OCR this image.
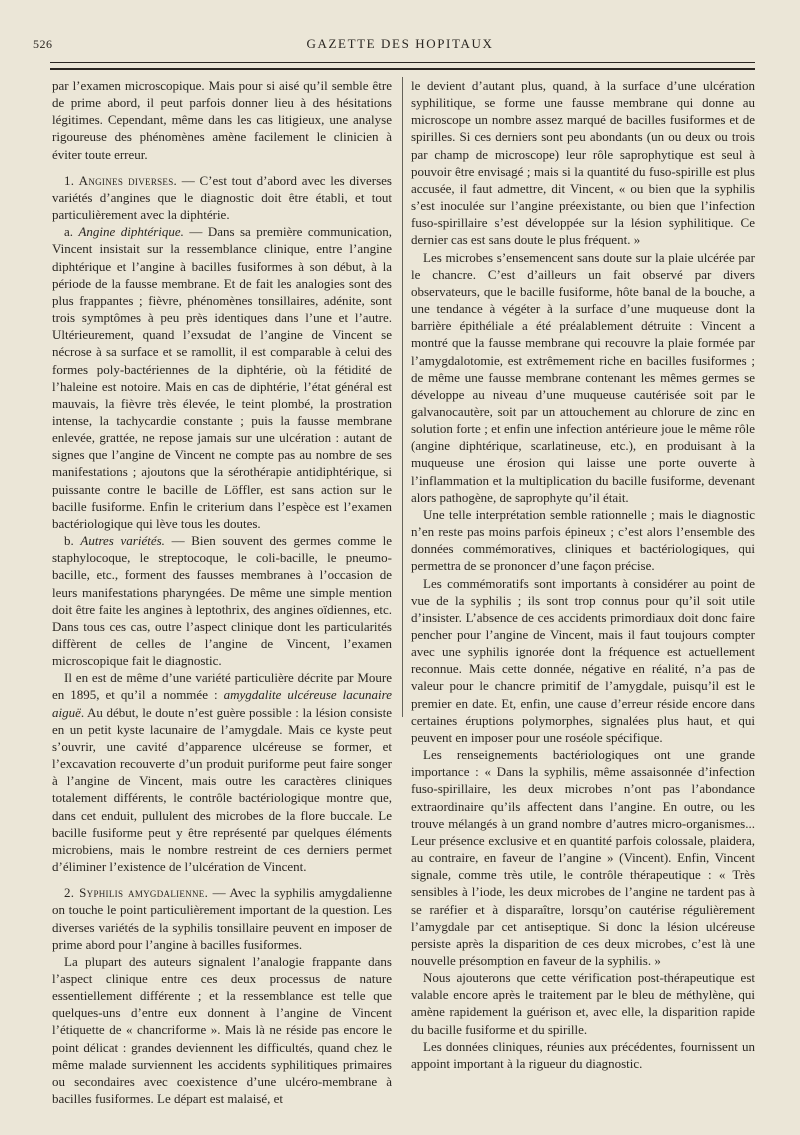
526	GAZETTE DES HOPITAUX

par l’examen microscopique. Mais pour si aisé qu’il semble être de prime abord, il peut parfois donner lieu à des hésitations légitimes. Cependant, même dans les cas litigieux, une analyse rigoureuse des phénomènes amène facilement le clinicien à éviter toute erreur.

1. Angines diverses. — C’est tout d’abord avec les diverses variétés d’angines que le diagnostic doit être établi, et tout particulièrement avec la diphtérie.

a. Angine diphtérique. — Dans sa première communication, Vincent insistait sur la ressemblance clinique, entre l’angine diphtérique et l’angine à bacilles fusiformes à son début, à la période de la fausse membrane. Et de fait les analogies sont des plus frappantes ; fièvre, phénomènes tonsillaires, adénite, sont trois symptômes à peu près identiques dans l’une et l’autre. Ultérieurement, quand l’exsudat de l’angine de Vincent se nécrose à sa surface et se ramollit, il est comparable à celui des formes poly-bactériennes de la diphtérie, où la fétidité de l’haleine est notoire. Mais en cas de diphtérie, l’état général est mauvais, la fièvre très élevée, le teint plombé, la prostration intense, la tachycardie constante ; puis la fausse membrane enlevée, grattée, ne repose jamais sur une ulcération : autant de signes que l’angine de Vincent ne compte pas au nombre de ses manifestations ; ajoutons que la sérothérapie antidiphtérique, si puissante contre le bacille de Löffler, est sans action sur le bacille fusiforme. Enfin le criterium dans l’espèce est l’examen bactériologique qui lève tous les doutes.

b. Autres variétés. — Bien souvent des germes comme le staphylocoque, le streptocoque, le coli-bacille, le pneumo-bacille, etc., forment des fausses membranes à l’occasion de leurs manifestations pharyngées. De même une simple mention doit être faite les angines à leptothrix, des angines oïdiennes, etc. Dans tous ces cas, outre l’aspect clinique dont les particularités diffèrent de celles de l’angine de Vincent, l’examen microscopique fait le diagnostic.

Il en est de même d’une variété particulière décrite par Moure en 1895, et qu’il a nommée : amygdalite ulcéreuse lacunaire aiguë. Au début, le doute n’est guère possible : la lésion consiste en un petit kyste lacunaire de l’amygdale. Mais ce kyste peut s’ouvrir, une cavité d’apparence ulcéreuse se former, et l’excavation recouverte d’un produit puriforme peut faire songer à l’angine de Vincent, mais outre les caractères cliniques totalement différents, le contrôle bactériologique montre que, dans cet enduit, pullulent des microbes de la flore buccale. Le bacille fusiforme peut y être représenté par quelques éléments microbiens, mais le nombre restreint de ces derniers permet d’éliminer l’existence de l’ulcération de Vincent.

2. Syphilis amygdalienne. — Avec la syphilis amygdalienne on touche le point particulièrement important de la question. Les diverses variétés de la syphilis tonsillaire peuvent en imposer de prime abord pour l’angine à bacilles fusiformes.

La plupart des auteurs signalent l’analogie frappante dans l’aspect clinique entre ces deux processus de nature essentiellement différente ; et la ressemblance est telle que quelques-uns d’entre eux donnent à l’angine de Vincent l’étiquette de « chancriforme ». Mais là ne réside pas encore le point délicat : grandes deviennent les difficultés, quand chez le même malade surviennent les accidents syphilitiques primaires ou secondaires avec coexistence d’une ulcéro-membrane à bacilles fusiformes. Le départ est malaisé, et

le devient d’autant plus, quand, à la surface d’une ulcération syphilitique, se forme une fausse membrane qui donne au microscope un nombre assez marqué de bacilles fusiformes et de spirilles. Si ces derniers sont peu abondants (un ou deux ou trois par champ de microscope) leur rôle saprophytique est seul à pouvoir être envisagé ; mais si la quantité du fuso-spirille est plus accusée, il faut admettre, dit Vincent, « ou bien que la syphilis s’est inoculée sur l’angine préexistante, ou bien que l’infection fuso-spirillaire s’est développée sur la lésion syphilitique. Ce dernier cas est sans doute le plus fréquent. »

Les microbes s’ensemencent sans doute sur la plaie ulcérée par le chancre. C’est d’ailleurs un fait observé par divers observateurs, que le bacille fusiforme, hôte banal de la bouche, a une tendance à végéter à la surface d’une muqueuse dont la barrière épithéliale a été préalablement détruite : Vincent a montré que la fausse membrane qui recouvre la plaie formée par l’amygdalotomie, est extrêmement riche en bacilles fusiformes ; de même une fausse membrane contenant les mêmes germes se développe au niveau d’une muqueuse cautérisée soit par le galvanocautère, soit par un attouchement au chlorure de zinc en solution forte ; et enfin une infection antérieure joue le même rôle (angine diphtérique, scarlatineuse, etc.), en produisant à la muqueuse une érosion qui laisse une porte ouverte à l’inflammation et la multiplication du bacille fusiforme, devenant alors pathogène, de saprophyte qu’il était.

Une telle interprétation semble rationnelle ; mais le diagnostic n’en reste pas moins parfois épineux ; c’est alors l’ensemble des données commémoratives, cliniques et bactériologiques, qui permettra de se prononcer d’une façon précise.

Les commémoratifs sont importants à considérer au point de vue de la syphilis ; ils sont trop connus pour qu’il soit utile d’insister. L’absence de ces accidents primordiaux doit donc faire pencher pour l’angine de Vincent, mais il faut toujours compter avec une syphilis ignorée dont la fréquence est actuellement reconnue. Mais cette donnée, négative en réalité, n’a pas de valeur pour le chancre primitif de l’amygdale, puisqu’il est le premier en date. Et, enfin, une cause d’erreur réside encore dans certaines éruptions polymorphes, signalées plus haut, et qui peuvent en imposer pour une roséole spécifique.

Les renseignements bactériologiques ont une grande importance : « Dans la syphilis, même assaisonnée d’infection fuso-spirillaire, les deux microbes n’ont pas l’abondance extraordinaire qu’ils affectent dans l’angine. En outre, ou les trouve mélangés à un grand nombre d’autres micro-organismes... Leur présence exclusive et en quantité parfois colossale, plaidera, au contraire, en faveur de l’angine » (Vincent). Enfin, Vincent signale, comme très utile, le contrôle thérapeutique : « Très sensibles à l’iode, les deux microbes de l’angine ne tardent pas à se raréfier et à disparaître, lorsqu’on cautérise régulièrement l’amygdale par cet antiseptique. Si donc la lésion ulcéreuse persiste après la disparition de ces deux microbes, c’est là une nouvelle présomption en faveur de la syphilis. »

Nous ajouterons que cette vérification post-thérapeutique est valable encore après le traitement par le bleu de méthylène, qui amène rapidement la guérison et, avec elle, la disparition rapide du bacille fusiforme et du spirille.

Les données cliniques, réunies aux précédentes, fournissent un appoint important à la rigueur du diagnostic.
